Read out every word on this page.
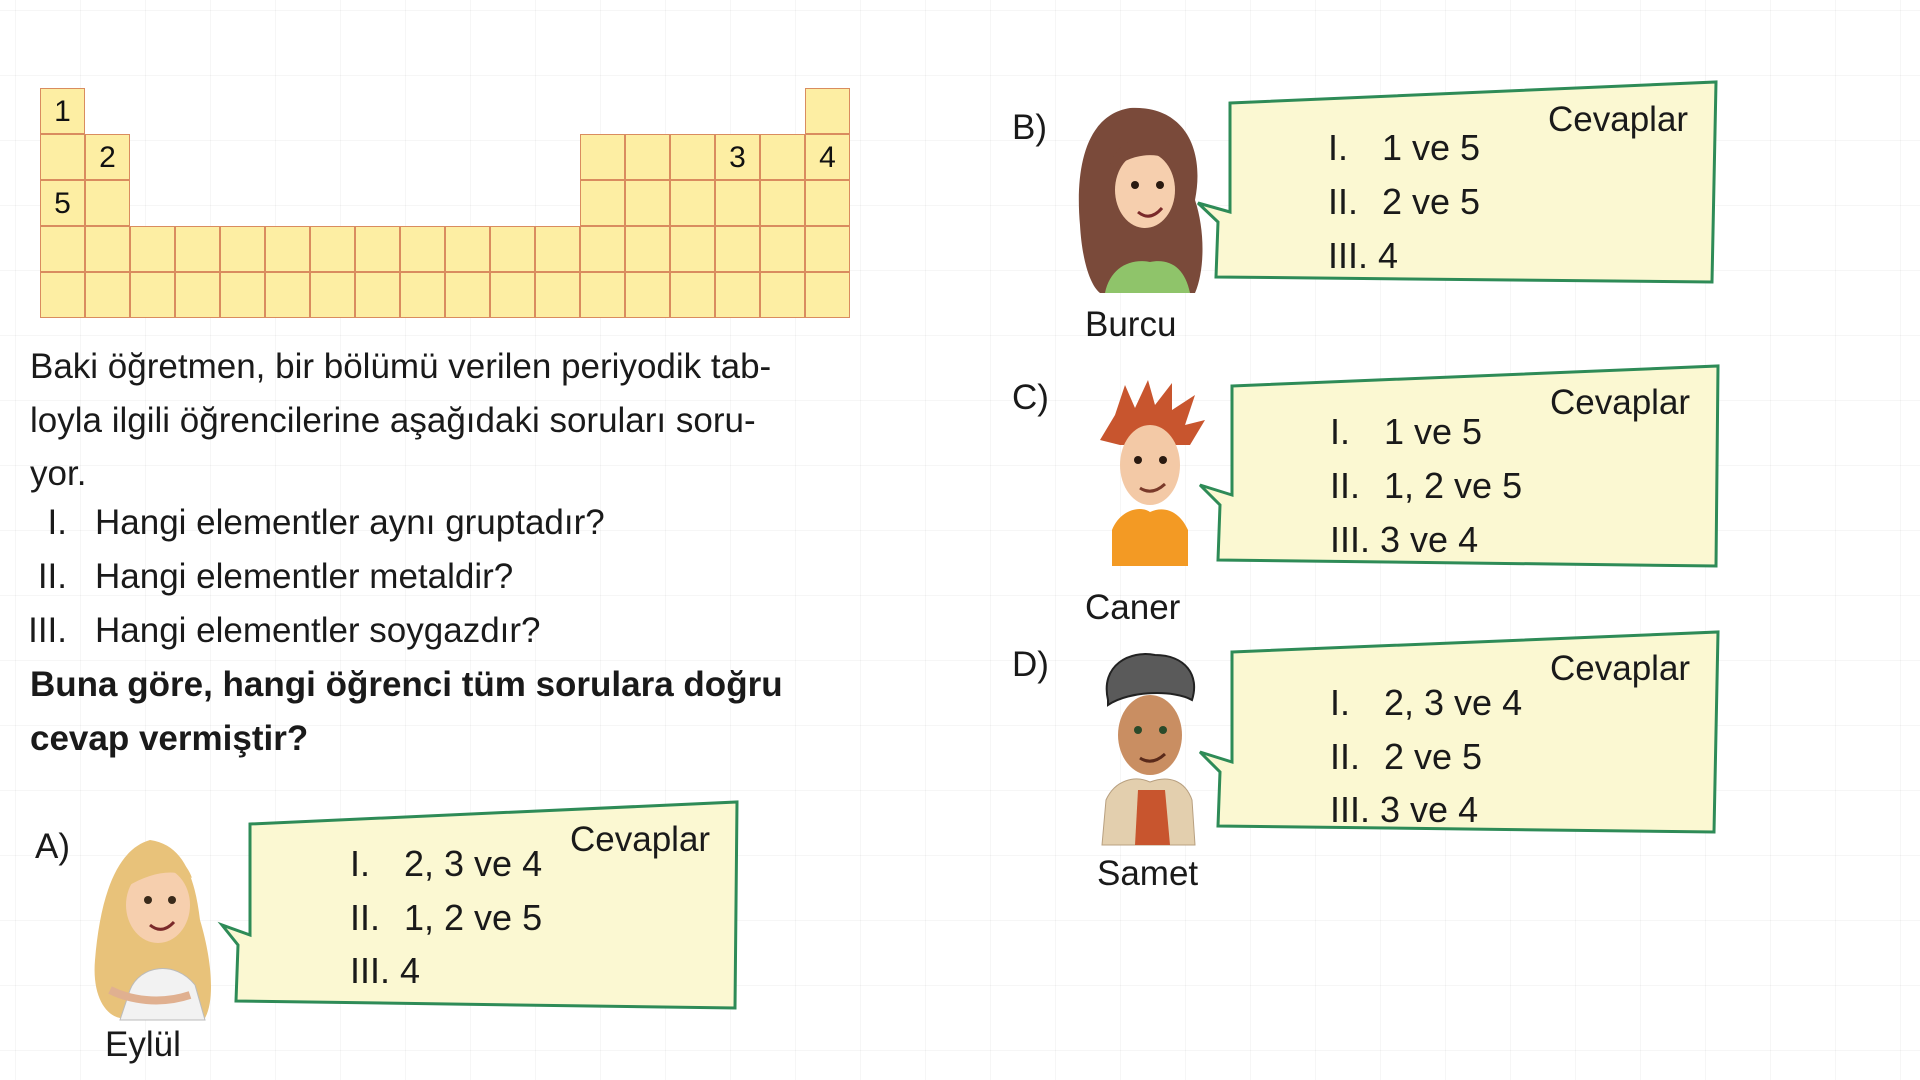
1
2	3	4
5
Baki öğretmen, bir bölümü verilen periyodik tab-
loyla ilgili öğrencilerine aşağıdaki soruları soru-
yor.
I. Hangi elementler aynı gruptadır?
II. Hangi elementler metaldir?
III. Hangi elementler soygazdır?
Buna göre, hangi öğrenci tüm sorulara doğru
cevap vermiştir?
A)
Eylül
Cevaplar
I. 2, 3 ve 4
II. 1, 2 ve 5
III. 4
B)
Burcu
Cevaplar
I. 1 ve 5
II. 2 ve 5
III. 4
C)
Caner
Cevaplar
I. 1 ve 5
II. 1, 2 ve 5
III. 3 ve 4
D)
Samet
Cevaplar
I. 2, 3 ve 4
II. 2 ve 5
III. 3 ve 4
